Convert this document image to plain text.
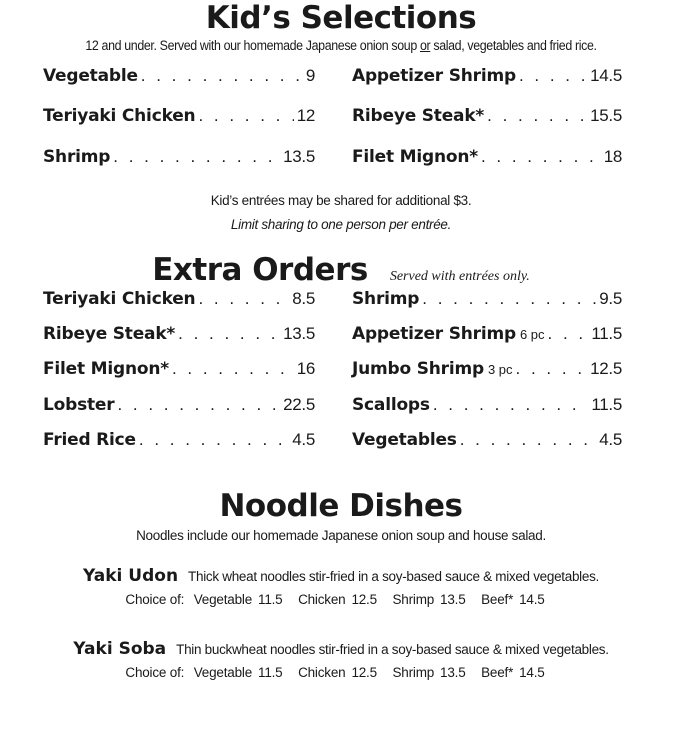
Kid’s Selections
12 and under. Served with our homemade Japanese onion soup or salad, vegetables and fried rice.
Vegetable . . .	9 Appetizer Shrimp . . .	14.5
Teriyaki Chicken . . .	12 Ribeye Steak* . . .	15.5
Shrimp . . .	13.5 Filet Mignon* . . .	18
Kid’s entrées may be shared for additional $3.
Limit sharing to one person per entrée.
Extra Orders Served with entrées only.
Teriyaki Chicken . . .	8.5 Shrimp . . .	9.5
Ribeye Steak* . . .	13.5 Appetizer Shrimp 6 pc . . .	11.5
Filet Mignon* . . .	16 Jumbo Shrimp 3 pc . . .	12.5
Lobster . . .	22.5 Scallops . . .	11.5
Fried Rice . . .	4.5 Vegetables . . .	4.5
Noodle Dishes
Noodles include our homemade Japanese onion soup and house salad.
Yaki Udon Thick wheat noodles stir-fried in a soy-based sauce & mixed vegetables.
Choice of: Vegetable 11.5 Chicken 12.5 Shrimp 13.5 Beef* 14.5
Yaki Soba Thin buckwheat noodles stir-fried in a soy-based sauce & mixed vegetables.
Choice of: Vegetable 11.5 Chicken 12.5 Shrimp 13.5 Beef* 14.5
